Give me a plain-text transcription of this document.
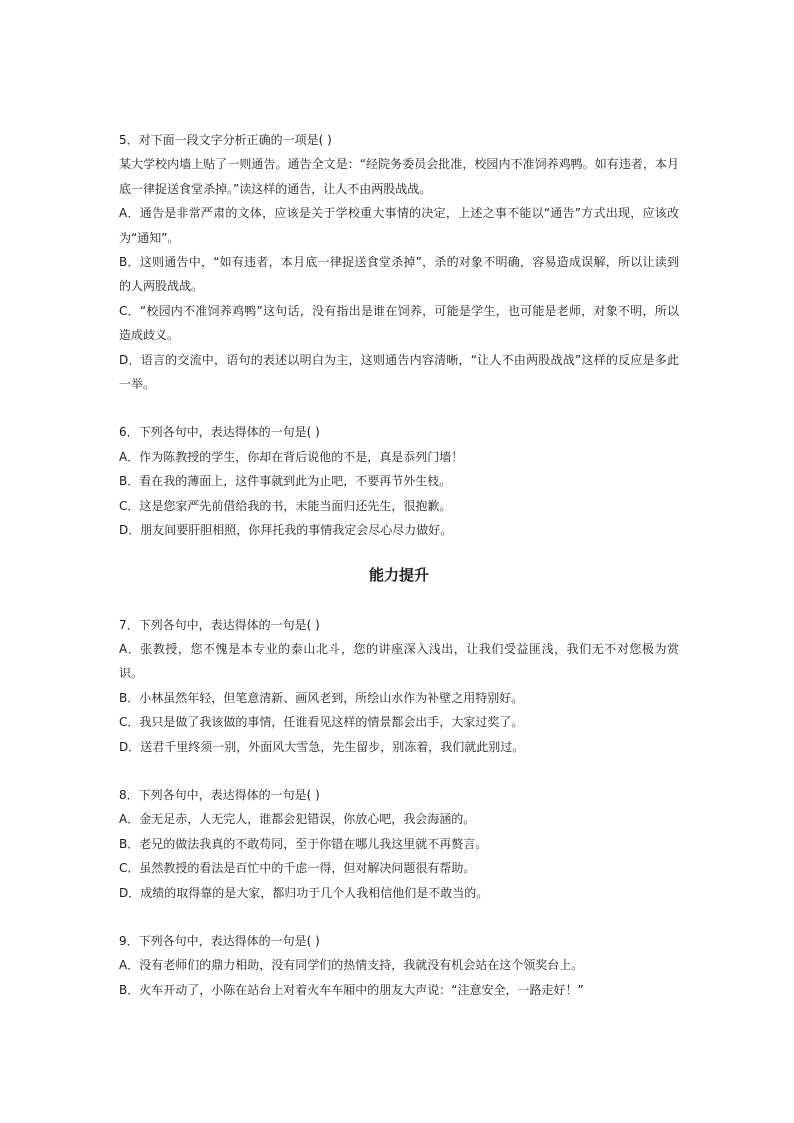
5．对下面一段文字分析正确的一项是( )
某大学校内墙上贴了一则通告。通告全文是：“经院务委员会批准，校园内不准饲养鸡鸭。如有违者，本月底一律捉送食堂杀掉。”读这样的通告，让人不由两股战战。
A．通告是非常严肃的文体，应该是关于学校重大事情的决定，上述之事不能以“通告”方式出现，应该改为“通知”。
B．这则通告中，“如有违者，本月底一律捉送食堂杀掉”，杀的对象不明确，容易造成误解，所以让读到的人两股战战。
C．“校园内不准饲养鸡鸭”这句话，没有指出是谁在饲养，可能是学生，也可能是老师，对象不明，所以造成歧义。
D．语言的交流中，语句的表述以明白为主，这则通告内容清晰，“让人不由两股战战”这样的反应是多此一举。
6．下列各句中，表达得体的一句是( )
A．作为陈教授的学生，你却在背后说他的不是，真是忝列门墙！
B．看在我的薄面上，这件事就到此为止吧，不要再节外生枝。
C．这是您家严先前借给我的书，未能当面归还先生，很抱歉。
D．朋友间要肝胆相照，你拜托我的事情我定会尽心尽力做好。
能力提升
7．下列各句中，表达得体的一句是( )
A．张教授，您不愧是本专业的泰山北斗，您的讲座深入浅出，让我们受益匪浅，我们无不对您极为赏识。
B．小林虽然年轻，但笔意清新、画风老到，所绘山水作为补壁之用特别好。
C．我只是做了我该做的事情，任谁看见这样的情景都会出手，大家过奖了。
D．送君千里终须一别，外面风大雪急，先生留步，别冻着，我们就此别过。
8．下列各句中，表达得体的一句是( )
A．金无足赤，人无完人，谁都会犯错误，你放心吧，我会海涵的。
B．老兄的做法我真的不敢苟同，至于你错在哪儿我这里就不再赘言。
C．虽然教授的看法是百忙中的千虑一得，但对解决问题很有帮助。
D．成绩的取得靠的是大家，都归功于几个人我相信他们是不敢当的。
9．下列各句中，表达得体的一句是( )
A．没有老师们的鼎力相助，没有同学们的热情支持，我就没有机会站在这个领奖台上。
B．火车开动了，小陈在站台上对着火车车厢中的朋友大声说：“注意安全，一路走好！”
